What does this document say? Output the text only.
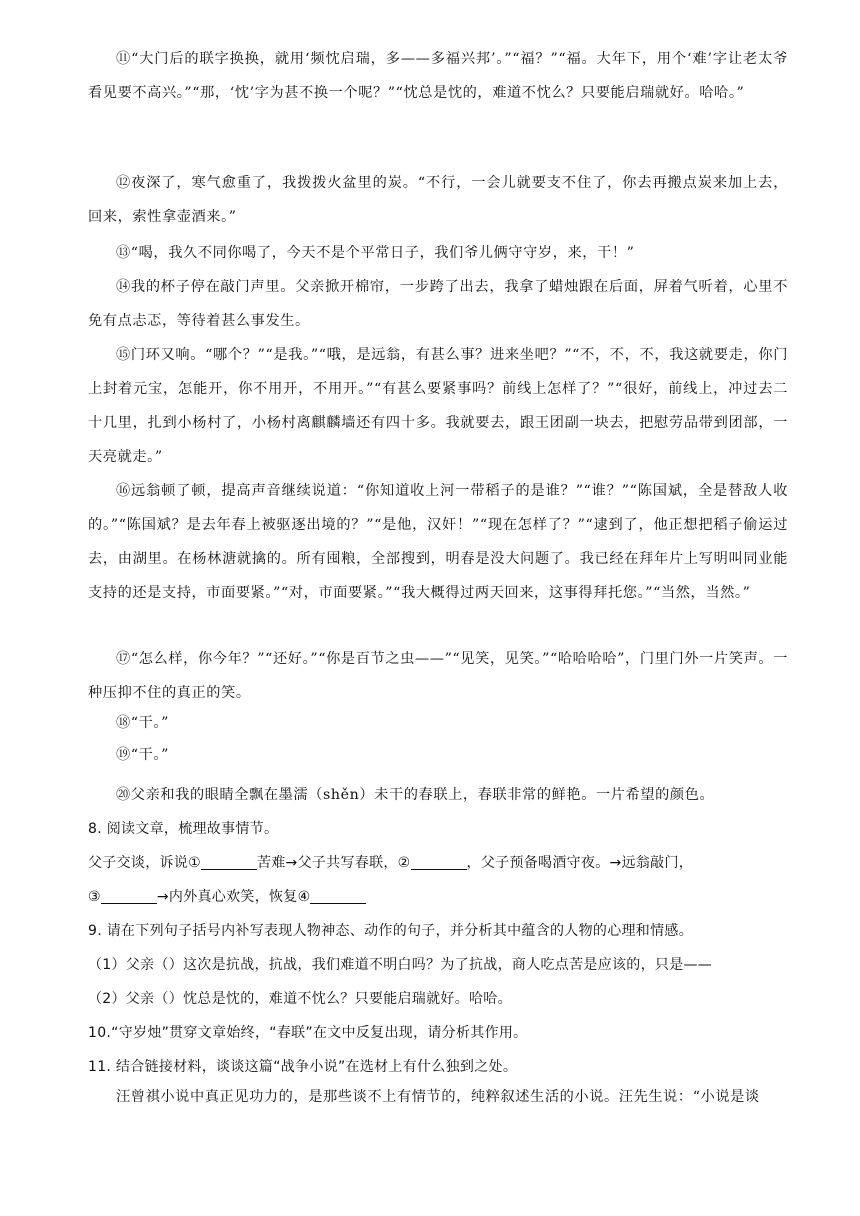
⑪“大门后的联字换换，就用‘频忱启瑞，多——多福兴邦’。”“福？”“福。大年下，用个‘难’字让老太爷看见要不高兴。”“那，‘忱’字为甚不换一个呢？”“忱总是忱的，难道不忱么？只要能启瑞就好。哈哈。”

⑫夜深了，寒气愈重了，我拨拨火盆里的炭。“不行，一会儿就要支不住了，你去再搬点炭来加上去，回来，索性拿壶酒来。”

⑬“喝，我久不同你喝了，今天不是个平常日子，我们爷儿俩守守岁，来，干！”

⑭我的杯子停在敲门声里。父亲掀开棉帘，一步跨了出去，我拿了蜡烛跟在后面，屏着气听着，心里不免有点忐忑，等待着甚么事发生。

⑮门环又响。“哪个？”“是我。”“哦，是远翁，有甚么事？进来坐吧？”“不，不，不，我这就要走，你门上封着元宝，怎能开，你不用开，不用开。”“有甚么要紧事吗？前线上怎样了？”“很好，前线上，冲过去二十几里，扎到小杨村了，小杨村离麒麟墙还有四十多。我就要去，跟王团副一块去，把慰劳品带到团部，一天亮就走。”

⑯远翁顿了顿，提高声音继续说道：“你知道收上河一带稻子的是谁？”“谁？”“陈国斌，全是替敌人收的。”“陈国斌？是去年春上被驱逐出境的？”“是他，汉奸！”“现在怎样了？”“逮到了，他正想把稻子偷运过去，由湖里。在杨林溏就擒的。所有囤粮，全部搜到，明春是没大问题了。我已经在拜年片上写明叫同业能支持的还是支持，市面要紧。”“对，市面要紧。”“我大概得过两天回来，这事得拜托您。”“当然，当然。”

⑰“怎么样，你今年？”“还好。”“你是百节之虫——”“见笑，见笑。”“哈哈哈哈”，门里门外一片笑声。一种压抑不住的真正的笑。

⑱“干。”

⑲“干。”

⑳父亲和我的眼睛全飘在墨濡（shěn）未干的春联上，春联非常的鲜艳。一片希望的颜色。

8. 阅读文章，梳理故事情节。

父子交谈，诉说①	苦难→父子共写春联，②	，父子预备喝酒守夜。→远翁敲门，

③	→内外真心欢笑，恢复④

9. 请在下列句子括号内补写表现人物神态、动作的句子，并分析其中蕴含的人物的心理和情感。

（1）父亲（）这次是抗战，抗战，我们难道不明白吗？为了抗战，商人吃点苦是应该的，只是——

（2）父亲（）忱总是忱的，难道不忱么？只要能启瑞就好。哈哈。

10.“守岁烛”贯穿文章始终，“春联”在文中反复出现，请分析其作用。

11. 结合链接材料，谈谈这篇“战争小说”在选材上有什么独到之处。

汪曾祺小说中真正见功力的，是那些谈不上有情节的，纯粹叙述生活的小说。汪先生说：“小说是谈
